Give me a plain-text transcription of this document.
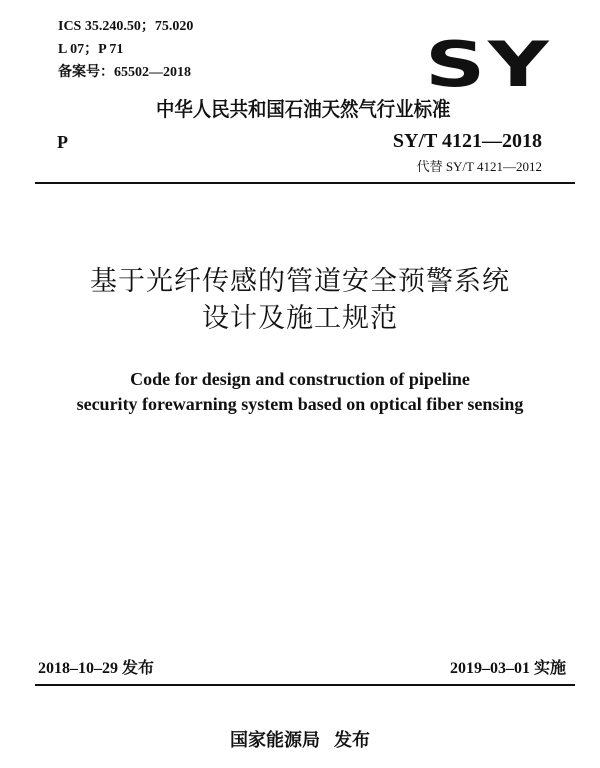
ICS 35.240.50；75.020
L 07；P 71
备案号：65502—2018	SY
中华人民共和国石油天然气行业标准
P	SY/T 4121—2018
代替 SY/T 4121—2012
基于光纤传感的管道安全预警系统
设计及施工规范
Code for design and construction of pipeline
security forewarning system based on optical fiber sensing
2018–10–29 发布	2019–03–01 实施
国家能源局 发布
